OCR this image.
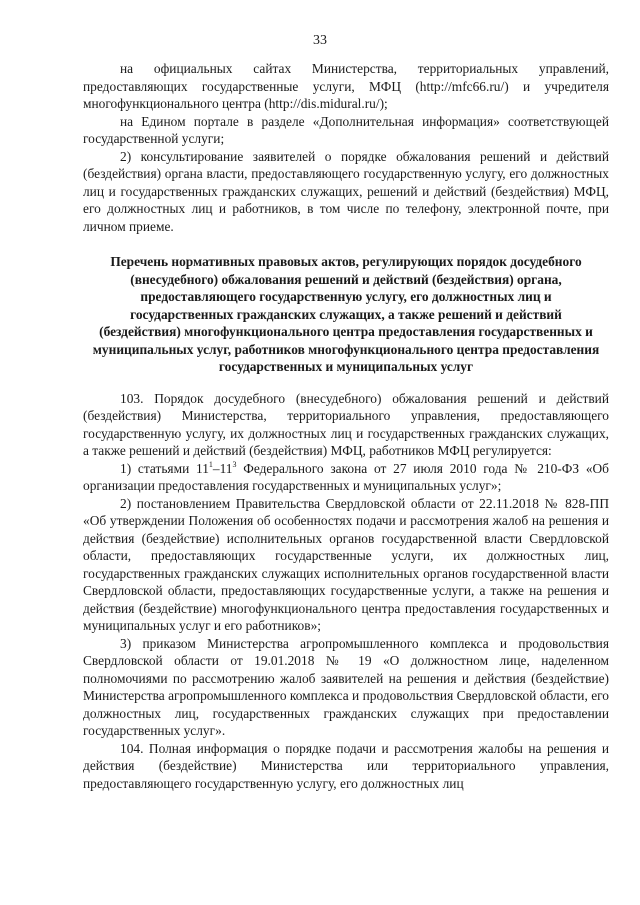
33

на официальных сайтах Министерства, территориальных управлений, предоставляющих государственные услуги, МФЦ (http://mfc66.ru/) и учредителя многофункционального центра (http://dis.midural.ru/);

на Едином портале в разделе «Дополнительная информация» соответствующей государственной услуги;

2) консультирование заявителей о порядке обжалования решений и действий (бездействия) органа власти, предоставляющего государственную услугу, его должностных лиц и государственных гражданских служащих, решений и действий (бездействия) МФЦ, его должностных лиц и работников, в том числе по телефону, электронной почте, при личном приеме.

Перечень нормативных правовых актов, регулирующих порядок досудебного (внесудебного) обжалования решений и действий (бездействия) органа, предоставляющего государственную услугу, его должностных лиц и государственных гражданских служащих, а также решений и действий (бездействия) многофункционального центра предоставления государственных и муниципальных услуг, работников многофункционального центра предоставления государственных и муниципальных услуг

103. Порядок досудебного (внесудебного) обжалования решений и действий (бездействия) Министерства, территориального управления, предоставляющего государственную услугу, их должностных лиц и государственных гражданских служащих, а также решений и действий (бездействия) МФЦ, работников МФЦ регулируется:

1) статьями $11^1-11^3$ Федерального закона от 27 июля 2010 года № 210-ФЗ «Об организации предоставления государственных и муниципальных услуг»;

2) постановлением Правительства Свердловской области от 22.11.2018 № 828-ПП «Об утверждении Положения об особенностях подачи и рассмотрения жалоб на решения и действия (бездействие) исполнительных органов государственной власти Свердловской области, предоставляющих государственные услуги, их должностных лиц, государственных гражданских служащих исполнительных органов государственной власти Свердловской области, предоставляющих государственные услуги, а также на решения и действия (бездействие) многофункционального центра предоставления государственных и муниципальных услуг и его работников»;

3) приказом Министерства агропромышленного комплекса и продовольствия Свердловской области от 19.01.2018 № 19 «О должностном лице, наделенном полномочиями по рассмотрению жалоб заявителей на решения и действия (бездействие) Министерства агропромышленного комплекса и продовольствия Свердловской области, его должностных лиц, государственных гражданских служащих при предоставлении государственных услуг».

104. Полная информация о порядке подачи и рассмотрения жалобы на решения и действия (бездействие) Министерства или территориального управления, предоставляющего государственную услугу, его должностных лиц
